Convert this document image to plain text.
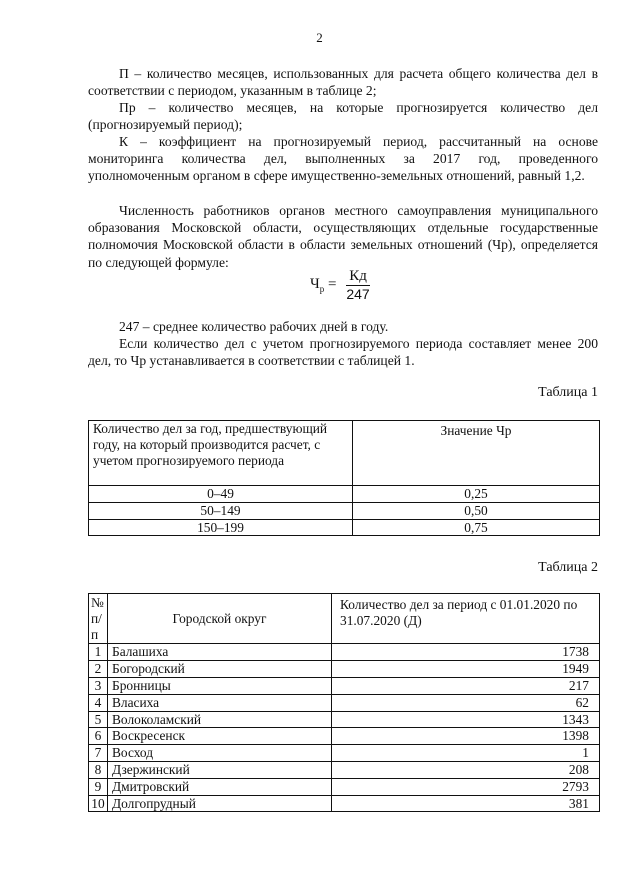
2
П – количество месяцев, использованных для расчета общего количества дел в соответствии с периодом, указанным в таблице 2;
Пр – количество месяцев, на которые прогнозируется количество дел (прогнозируемый период);
К – коэффициент на прогнозируемый период, рассчитанный на основе мониторинга количества дел, выполненных за 2017 год, проведенного уполномоченным органом в сфере имущественно-земельных отношений, равный 1,2.
Численность работников органов местного самоуправления муниципального образования Московской области, осуществляющих отдельные государственные полномочия Московской области в области земельных отношений (Чр), определяется по следующей формуле:
$Ч_р = \frac{Кд}{247}$
247 – среднее количество рабочих дней в году.
Если количество дел с учетом прогнозируемого периода составляет менее 200 дел, то Чр устанавливается в соответствии с таблицей 1.
Таблица 1
Количество дел за год, предшествующий году, на который производится расчет, с учетом прогнозируемого периода	Значение Чр
0–49	0,25
50–149	0,50
150–199	0,75
Таблица 2
№ п/п	Городской округ	Количество дел за период с 01.01.2020 по 31.07.2020 (Д)
1	Балашиха	1738
2	Богородский	1949
3	Бронницы	217
4	Власиха	62
5	Волоколамский	1343
6	Воскресенск	1398
7	Восход	1
8	Дзержинский	208
9	Дмитровский	2793
10	Долгопрудный	381
